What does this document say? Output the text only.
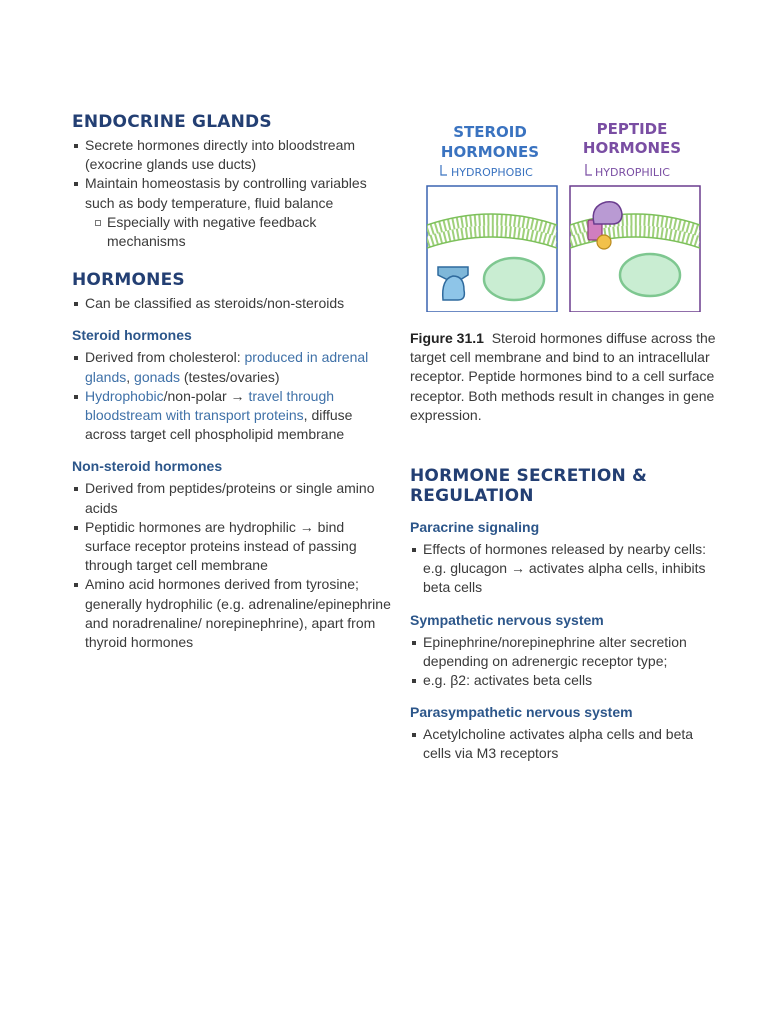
ENDOCRINE GLANDS
Secrete hormones directly into bloodstream (exocrine glands use ducts)
Maintain homeostasis by controlling variables such as body temperature, fluid balance
Especially with negative feedback mechanisms
HORMONES
Can be classified as steroids/non-steroids
Steroid hormones
Derived from cholesterol: produced in adrenal glands, gonads (testes/ovaries)
Hydrophobic/non-polar → travel through bloodstream with transport proteins, diffuse across target cell phospholipid membrane
Non-steroid hormones
Derived from peptides/proteins or single amino acids
Peptidic hormones are hydrophilic → bind surface receptor proteins instead of passing through target cell membrane
Amino acid hormones derived from tyrosine; generally hydrophilic (e.g. adrenaline/epinephrine and noradrenaline/ norepinephrine), apart from thyroid hormones
STEROID
HORMONES
HYDROPHOBIC
PEPTIDE
HORMONES
HYDROPHILIC

Figure 31.1 Steroid hormones diffuse across the target cell membrane and bind to an intracellular receptor. Peptide hormones bind to a cell surface receptor. Both methods result in changes in gene expression.

HORMONE SECRETION &
REGULATION
Paracrine signaling
Effects of hormones released by nearby cells: e.g. glucagon → activates alpha cells, inhibits beta cells
Sympathetic nervous system
Epinephrine/norepinephrine alter secretion depending on adrenergic receptor type;
e.g. β2: activates beta cells
Parasympathetic nervous system
Acetylcholine activates alpha cells and beta cells via M3 receptors
